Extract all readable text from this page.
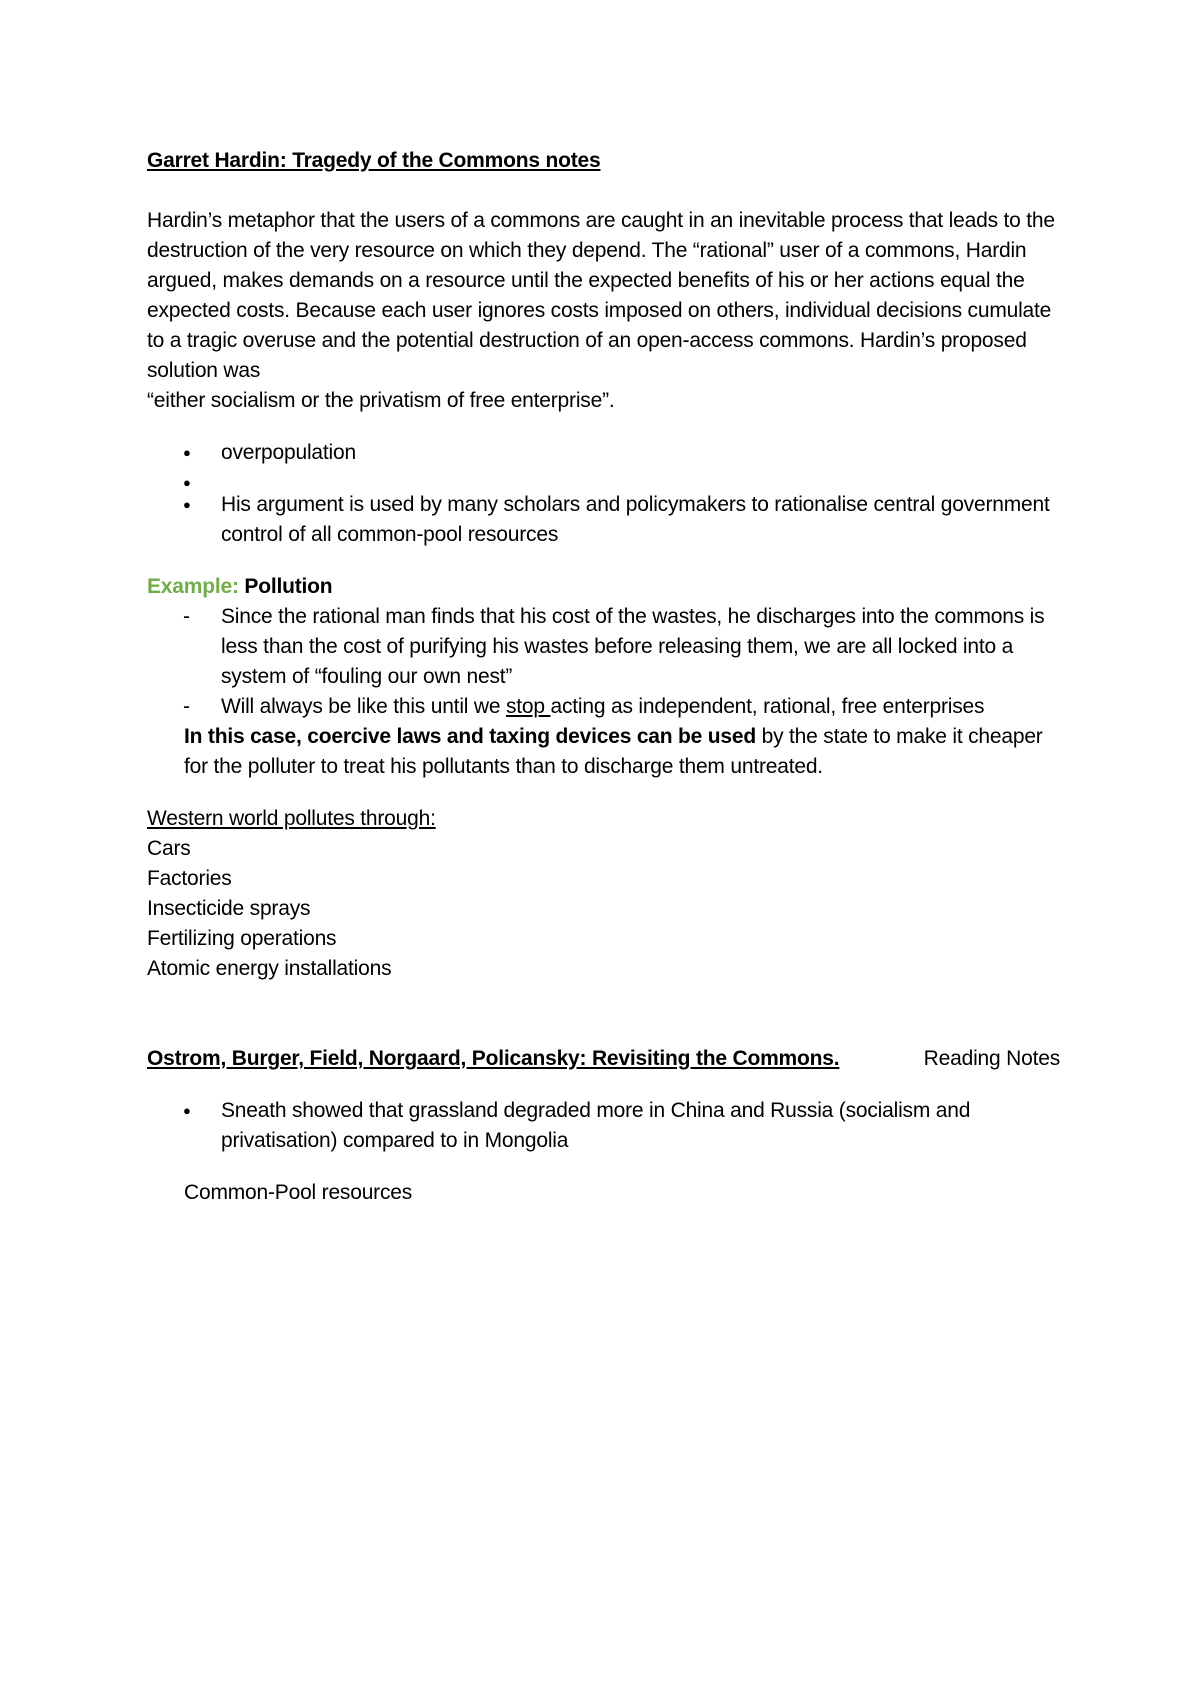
Garret Hardin: Tragedy of the Commons notes

Hardin’s metaphor that the users of a commons are caught in an inevitable process that leads to the destruction of the very resource on which they depend. The “rational” user of a commons, Hardin argued, makes demands on a resource until the expected benefits of his or her actions equal the expected costs. Because each user ignores costs imposed on others, individual decisions cumulate to a tragic overuse and the potential destruction of an open-access commons. Hardin’s proposed solution was

“either socialism or the privatism of free enterprise”.

● overpopulation
●
● His argument is used by many scholars and policymakers to rationalise central government control of all common-pool resources

Example: Pollution

- Since the rational man finds that his cost of the wastes, he discharges into the commons is less than the cost of purifying his wastes before releasing them, we are all locked into a system of “fouling our own nest”
- Will always be like this until we stop acting as independent, rational, free enterprises

In this case, coercive laws and taxing devices can be used by the state to make it cheaper for the polluter to treat his pollutants than to discharge them untreated.

Western world pollutes through:

Cars

Factories

Insecticide sprays

Fertilizing operations

Atomic energy installations

Ostrom, Burger, Field, Norgaard, Policansky: Revisiting the Commons.	Reading Notes

● Sneath showed that grassland degraded more in China and Russia (socialism and privatisation) compared to in Mongolia

Common-Pool resources
